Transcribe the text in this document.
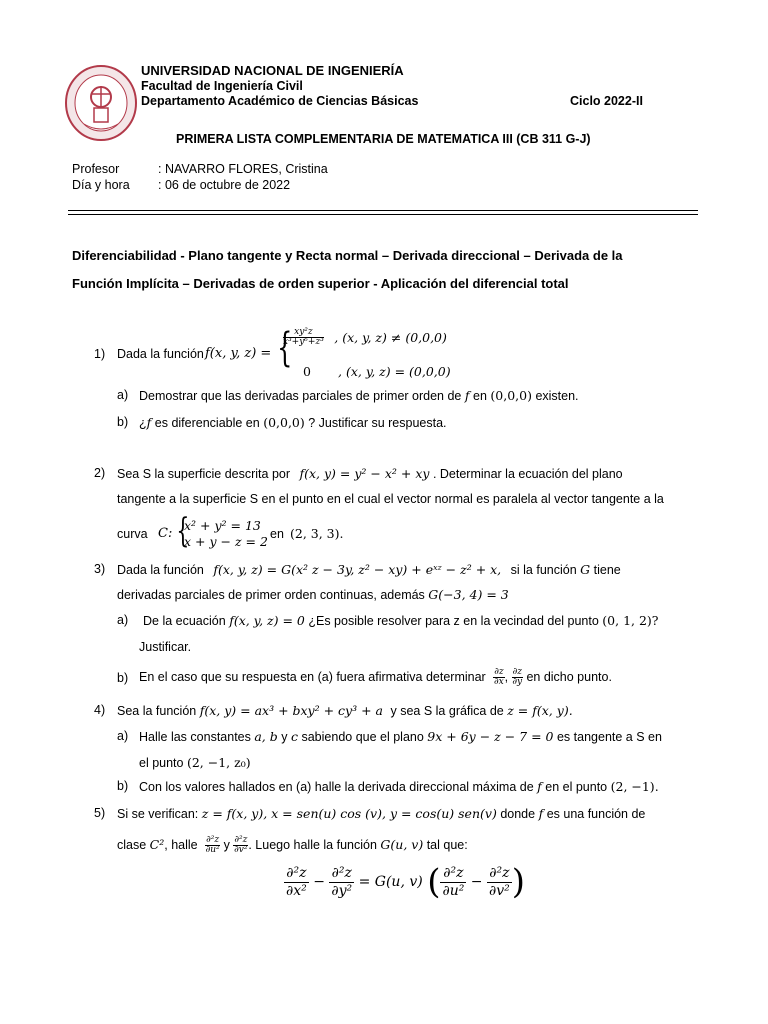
UNIVERSIDAD NACIONAL DE INGENIERÍA
Facultad de Ingeniería Civil
Departamento Académico de Ciencias Básicas	Ciclo 2022-II
PRIMERA LISTA COMPLEMENTARIA DE MATEMATICA III (CB 311 G-J)
Profesor	: NAVARRO FLORES, Cristina
Día y hora : 06 de octubre de 2022
Diferenciabilidad - Plano tangente y Recta normal – Derivada direccional – Derivada de la
Función Implícita – Derivadas de orden superior - Aplicación del diferencial total
1) Dada la función f(x, y, z) = {
$\frac{\text{xy²z}}{\text{x³+y⁶+z³}}$ , (x, y, z) ≠ (0,0,0)
0 , (x, y, z) = (0,0,0)
a) Demostrar que las derivadas parciales de primer orden de f en (0,0,0) existen.
b) ¿f es diferenciable en (0,0,0) ? Justificar su respuesta.
2) Sea S la superficie descrita por f(x, y) = y² − x² + xy . Determinar la ecuación del plano
tangente a la superficie S en el punto en el cual el vector normal es paralela al vector tangente a la
curva C: {
x² + y² = 13
x + y − z = 2 en (2, 3, 3).
3) Dada la función f(x, y, z) = G(x² z − 3y, z² − xy) + eˣᶻ − z² + x, si la función G tiene
derivadas parciales de primer orden continuas, además G(−3, 4) = 3
a) De la ecuación f(x, y, z) = 0 ¿Es posible resolver para z en la vecindad del punto (0, 1, 2)?
Justificar.
b) En el caso que su respuesta en (a) fuera afirmativa determinar $\frac{\partial z}{\partial x}$ , $\frac{\partial z}{\partial y}$ en dicho punto.
4) Sea la función f(x, y) = ax³ + bxy² + cy³ + a y sea S la gráfica de z = f(x, y).
a) Halle las constantes a, b y c sabiendo que el plano 9x + 6y − z − 7 = 0 es tangente a S en
el punto (2, −1, z₀)
b) Con los valores hallados en (a) halle la derivada direccional máxima de f en el punto (2, −1).
5) Si se verifican: z = f(x, y), x = sen(u) cos (v), y = cos(u) sen(v) donde f es una función de
clase C², halle $\frac{\text{∂²z}}{\text{∂u²}}$ y $\frac{\text{∂²z}}{\text{∂v²}}$ . Luego halle la función G(u, v) tal que:
$\frac{\text{∂²z}}{\text{∂x²}} - \frac{\text{∂²z}}{\text{∂y²}} = G(u$, v) ( $\frac{\text{∂²z}}{\text{∂u²}} - \frac{\text{∂²z}}{\text{∂v²}}$ )
